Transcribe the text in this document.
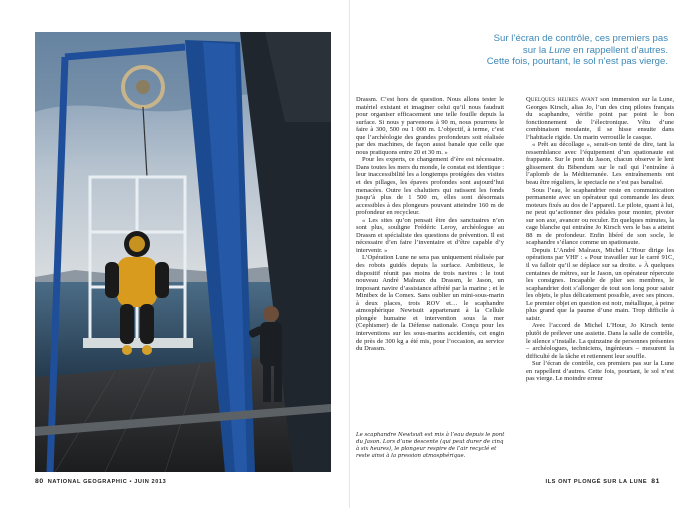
Le scaphandre Newtsuit est mis à l’eau depuis le pont du Jason. Lors d’une descente (qui peut durer de cinq à six heures), le plongeur respire de l’air recyclé et reste ainsi à la pression atmosphérique.
Sur l’écran de contrôle, ces premiers pas
sur la Lune en rappellent d’autres.
Cette fois, pourtant, le sol n’est pas vierge.

Drassm. C’est hors de question. Nous allons tester le matériel existant et imaginer celui qu’il nous faudrait pour organiser efficacement une telle fouille depuis la surface. Si nous y parvenons à 90 m, nous pourrons le faire à 300, 500 ou 1 000 m. L’objectif, à terme, c’est que l’archéologie des grandes profondeurs soit réalisée par des machines, de façon aussi banale que celle que nous pratiquons entre 20 et 30 m. »

Pour les experts, ce changement d’ère est nécessaire. Dans toutes les mers du monde, le constat est identique : leur inaccessibilité les a longtemps protégées des visites et des pillages, les épaves profondes sont aujourd’hui menacées. Outre les chalutiers qui ratissent les fonds jusqu’à plus de 1 500 m, elles sont désormais accessibles à des plongeurs pouvant atteindre 160 m de profondeur en recycleur.

« Les sites qu’on pensait être des sanctuaires n’en sont plus, souligne Frédéric Leroy, archéologue au Drassm et spécialiste des questions de prévention. Il est nécessaire d’en faire l’inventaire et d’être capable d’y intervenir. »

L’Opération Lune ne sera pas uniquement réalisée par des robots guidés depuis la surface. Ambitieux, le dispositif réunit pas moins de trois navires : le tout nouveau André Malraux du Drassm, le Jason, un imposant navire d’assistance affrété par la marine ; et le Minibex de la Comex. Sans oublier un mini-sous-marin à deux places, trois ROV et… le scaphandre atmosphérique Newtsuit appartenant à la Cellule plongée humaine et intervention sous la mer (Cephismer) de la Défense nationale. Conçu pour les interventions sur les sous-marins accidentés, cet engin de près de 300 kg a été mis, pour l’occasion, au service du Drassm.

Quelques heures avant son immersion sur la Lune, Georges Kirsch, alias Jo, l’un des cinq pilotes français du scaphandre, vérifie point par point le bon fonctionnement de l’électronique. Vêtu d’une combinaison moulante, il se hisse ensuite dans l’habitacle rigide. Un marin verrouille le casque.

« Prêt au décollage », serait-on tenté de dire, tant la ressemblance avec l’équipement d’un spationaute est frappante. Sur le pont du Jason, chacun observe le lent glissement du Bibendum sur le rail qui l’entraîne à l’aplomb de la Méditerranée. Les entraînements ont beau être réguliers, le spectacle ne s’est pas banalisé.

Sous l’eau, le scaphandrier reste en communication permanente avec un opérateur qui commande les deux moteurs fixés au dos de l’appareil. Le pilote, quant à lui, ne peut qu’actionner des pédales pour monter, pivoter sur son axe, avancer ou reculer. En quelques minutes, la cage blanche qui entraîne Jo Kirsch vers le bas a atteint 88 m de profondeur. Enfin libéré de son socle, le scaphandre s’élance comme un spationaute.

Depuis L’André Malraux, Michel L’Hour dirige les opérations par VHF : « Pour travailler sur le carré 91C, il va falloir qu’il se déplace sur sa droite. » À quelques centaines de mètres, sur le Jason, un opérateur répercute les consignes. Incapable de plier ses membres, le scaphandrier doit s’allonger de tout son long pour saisir les objets, le plus délicatement possible, avec ses pinces. Le premier objet en question est noir, métallique, à peine plus grand que la paume d’une main. Trop difficile à saisir.

Avec l’accord de Michel L’Hour, Jo Kirsch tente plutôt de prélever une assiette. Dans la salle de contrôle, le silence s’installe. La quinzaine de personnes présentes – archéologues, techniciens, ingénieurs – mesurent la difficulté de la tâche et retiennent leur souffle.

Sur l’écran de contrôle, ces premiers pas sur la Lune en rappellent d’autres. Cette fois, pourtant, le sol n’est pas vierge. Le moindre erreur

80 NATIONAL GEOGRAPHIC • JUIN 2013	ILS ONT PLONGÉ SUR LA LUNE 81
